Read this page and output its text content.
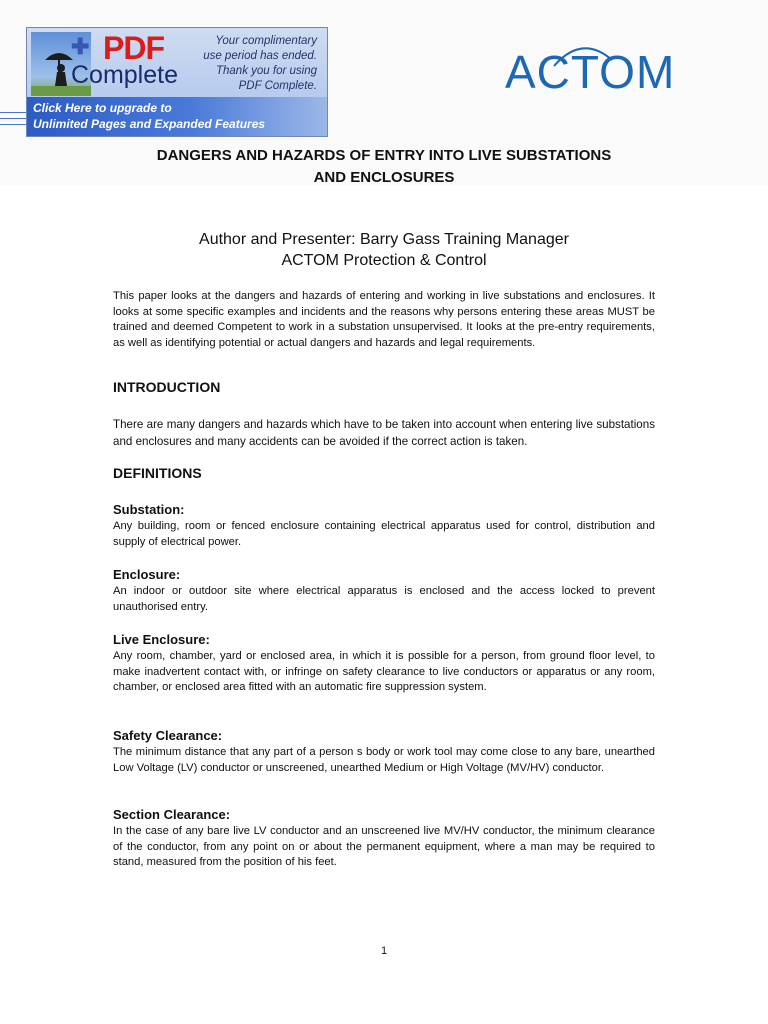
✚ PDF
Complete
Your complimentary
use period has ended.
Thank you for using
PDF Complete.
Click Here to upgrade to
Unlimited Pages and Expanded Features
ACTOM
DANGERS AND HAZARDS OF ENTRY INTO LIVE SUBSTATIONS
AND ENCLOSURES
Author and Presenter: Barry Gass Training Manager
ACTOM Protection & Control
This paper looks at the dangers and hazards of entering and working in live substations and enclosures. It looks at some specific examples and incidents and the reasons why persons entering these areas MUST be trained and deemed Competent to work in a substation unsupervised. It looks at the pre-entry requirements, as well as identifying potential or actual dangers and hazards and legal requirements.
INTRODUCTION
There are many dangers and hazards which have to be taken into account when entering live substations and enclosures and many accidents can be avoided if the correct action is taken.
DEFINITIONS
Substation:
Any building, room or fenced enclosure containing electrical apparatus used for control, distribution and supply of electrical power.
Enclosure:
An indoor or outdoor site where electrical apparatus is enclosed and the access locked to prevent unauthorised entry.
Live Enclosure:
Any room, chamber, yard or enclosed area, in which it is possible for a person, from ground floor level, to make inadvertent contact with, or infringe on safety clearance to live conductors or apparatus or any room, chamber, or enclosed area fitted with an automatic fire suppression system.
Safety Clearance:
The minimum distance that any part of a person s body or work tool may come close to any bare, unearthed Low Voltage (LV) conductor or unscreened, unearthed Medium or High Voltage (MV/HV) conductor.
Section Clearance:
In the case of any bare live LV conductor and an unscreened live MV/HV conductor, the minimum clearance of the conductor, from any point on or about the permanent equipment, where a man may be required to stand, measured from the position of his feet.
1
